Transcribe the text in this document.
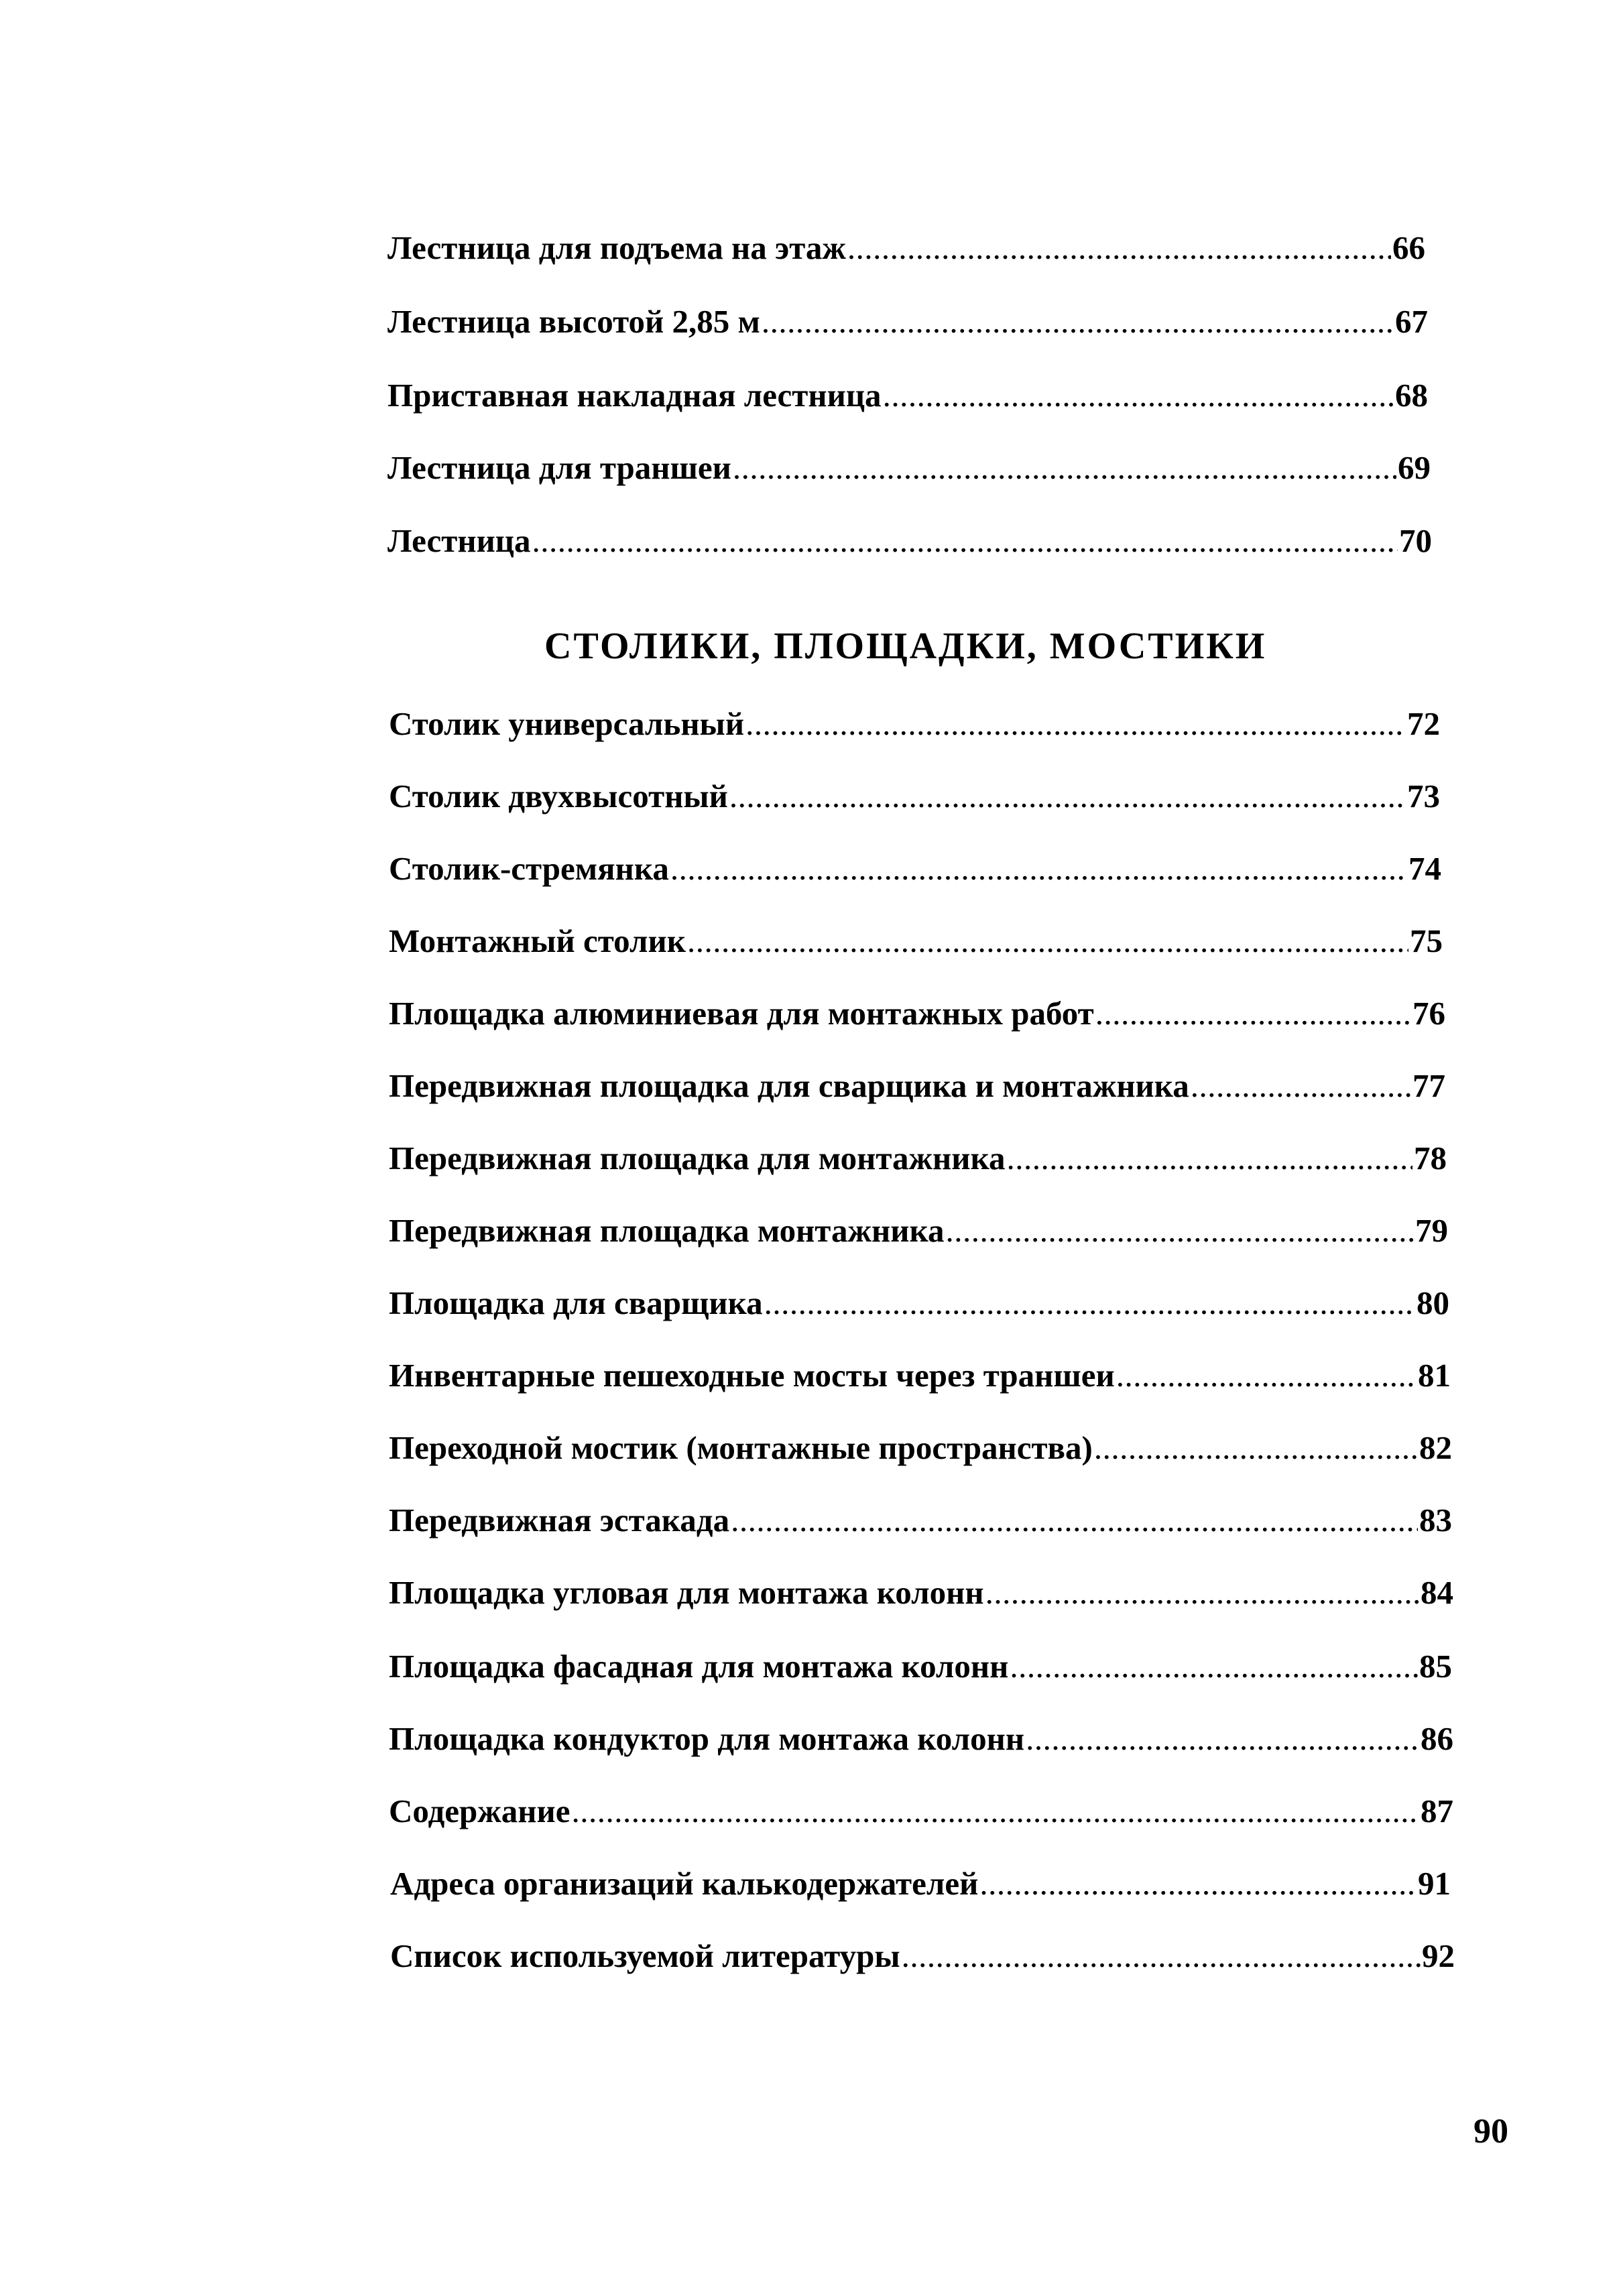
Лестница для подъема на этаж .....	66
Лестница высотой 2,85 м .....	67
Приставная накладная лестница .....	68
Лестница для траншеи .....	69
Лестница .....	70
СТОЛИКИ, ПЛОЩАДКИ, МОСТИКИ
Столик универсальный .....	72
Столик двухвысотный .....	73
Столик-стремянка .....	74
Монтажный столик .....	75
Площадка алюминиевая для монтажных работ .....	76
Передвижная площадка для сварщика и монтажника .....	77
Передвижная площадка для монтажника .....	78
Передвижная площадка монтажника .....	79
Площадка для сварщика .....	80
Инвентарные пешеходные мосты через траншеи .....	81
Переходной мостик (монтажные пространства) .....	82
Передвижная эстакада .....	83
Площадка угловая для монтажа колонн .....	84
Площадка фасадная для монтажа колонн .....	85
Площадка кондуктор для монтажа колонн .....	86
Содержание .....	87
Адреса организаций калькодержателей .....	91
Список используемой литературы .....	92
90
